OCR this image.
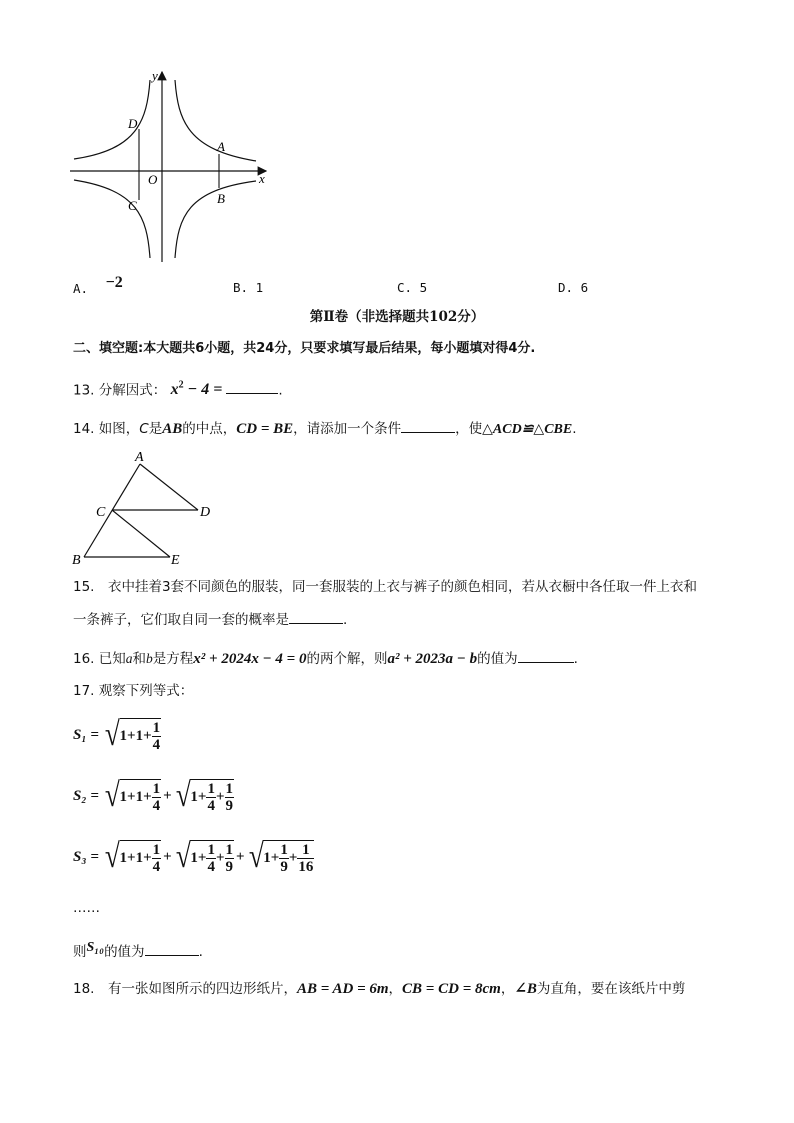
y
x
O
A
B
C
D
A. −2	B. 1	C. 5	D. 6
第Ⅱ卷（非选择题共102分）
二、填空题:本大题共6小题，共24分，只要求填写最后结果，每小题填对得4分.
13. 分解因式： $x^2 - 4$ =	.
14. 如图，C是AB的中点，CD = BE，请添加一个条件	，使△ACD≌△CBE.
A
C	D
B	E
15.　衣中挂着3套不同颜色的服装，同一套服装的上衣与裤子的颜色相同，若从衣橱中各任取一件上衣和
一条裤子，它们取自同一套的概率是	.
16. 已知a和b是方程x² + 2024x − 4 = 0的两个解，则a² + 2023a − b的值为	.
17. 观察下列等式：
S₁ = √ $1 + 1 + \frac{1}{4}$
S₂ = √ $1 + 1 + \frac{1}{4}$ + √ $1 + \frac{1}{4} + \frac{1}{9}$
S₃ = √ $1 + 1 + \frac{1}{4}$ + √ $1 + \frac{1}{4} + \frac{1}{9}$ + √ $1 + \frac{1}{9} + \frac{1}{16}$
……
则S₁₀的值为	.
18.　有一张如图所示的四边形纸片，AB = AD = 6m，CB = CD = 8cm，∠B为直角，要在该纸片中剪
